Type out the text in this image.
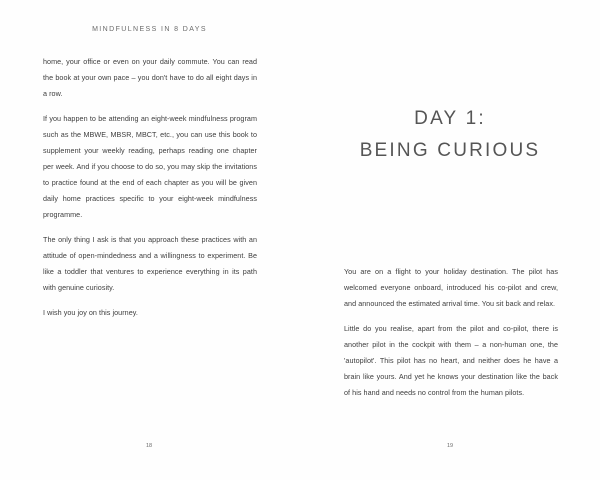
MINDFULNESS IN 8 DAYS

home, your office or even on your daily commute. You can read the book at your own pace – you don't have to do all eight days in a row.

If you happen to be attending an eight-week mindfulness program such as the MBWE, MBSR, MBCT, etc., you can use this book to supplement your weekly reading, perhaps reading one chapter per week. And if you choose to do so, you may skip the invitations to practice found at the end of each chapter as you will be given daily home practices specific to your eight-week mindfulness programme.

The only thing I ask is that you approach these practices with an attitude of open-mindedness and a willingness to experiment. Be like a toddler that ventures to experience everything in its path with genuine curiosity.

I wish you joy on this journey.

18
DAY 1:
BEING CURIOUS

You are on a flight to your holiday destination. The pilot has welcomed everyone onboard, introduced his co-pilot and crew, and announced the estimated arrival time. You sit back and relax.

Little do you realise, apart from the pilot and co-pilot, there is another pilot in the cockpit with them – a non-human one, the 'autopilot'. This pilot has no heart, and neither does he have a brain like yours. And yet he knows your destination like the back of his hand and needs no control from the human pilots.

19
